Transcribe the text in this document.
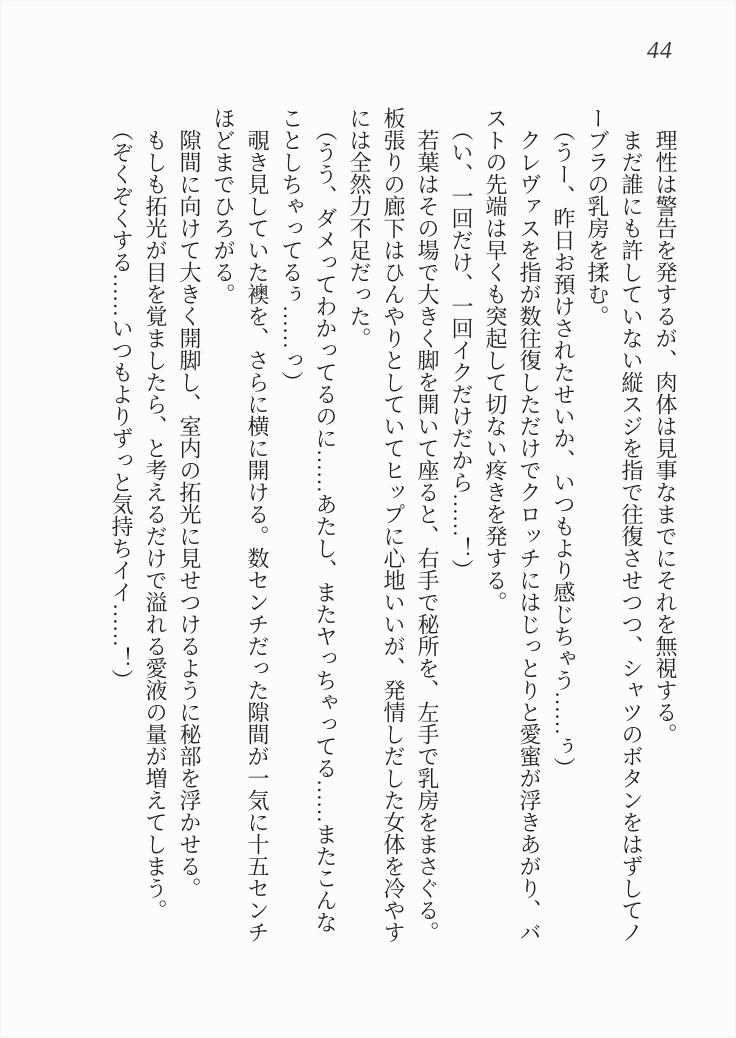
44

理性は警告を発するが、肉体は見事なまでにそれを無視する。

まだ誰にも許していない縦スジを指で往復させつつ、シャツのボタンをはずしてノーブラの乳房を揉む。

（うー、昨日お預けされたせいか、いつもより感じちゃう……ぅ）

クレヴァスを指が数往復しただけでクロッチにはじっとりと愛蜜が浮きあがり、バストの先端は早くも突起して切ない疼きを発する。

（い、一回だけ、一回イクだけだから……！）

若葉はその場で大きく脚を開いて座ると、右手で秘所を、左手で乳房をまさぐる。板張りの廊下はひんやりとしていてヒップに心地いいが、発情しだした女体を冷やすには全然力不足だった。

（うう、ダメってわかってるのに……あたし、またヤっちゃってる……またこんなことしちゃってるぅ……っ）

覗き見していた襖を、さらに横に開ける。数センチだった隙間が一気に十五センチほどまでひろがる。

隙間に向けて大きく開脚し、室内の拓光に見せつけるように秘部を浮かせる。

もしも拓光が目を覚ましたら、と考えるだけで溢れる愛液の量が増えてしまう。

（ぞくぞくする……いつもよりずっと気持ちイイ……！）
